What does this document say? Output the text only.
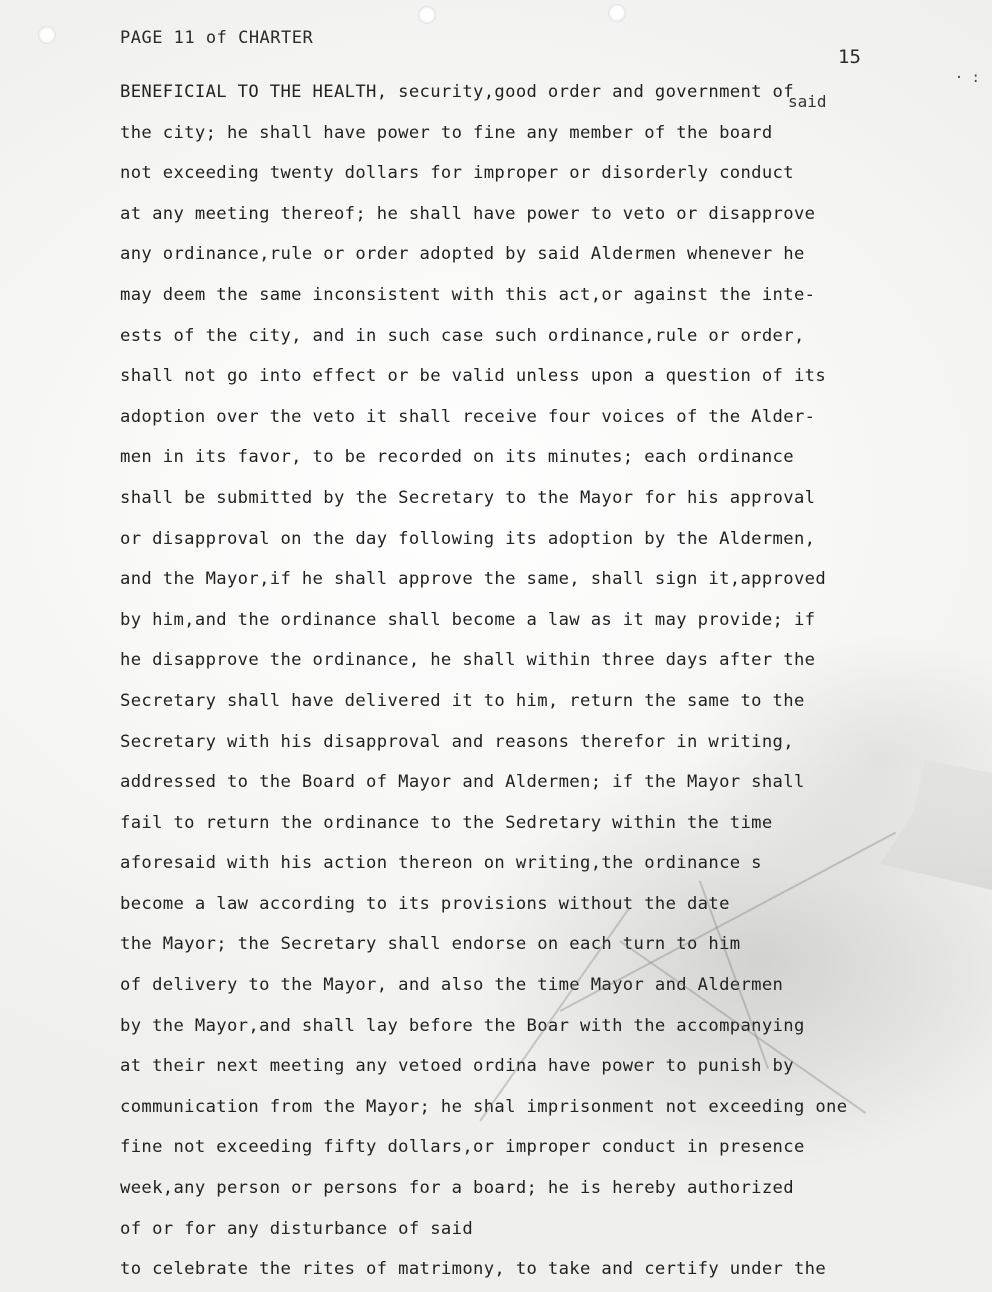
PAGE 11 of CHARTER
15
said
· :
BENEFICIAL TO THE HEALTH, security,good order and government of
the city; he shall have power to fine any member of the board
not exceeding twenty dollars for improper or disorderly conduct
at any meeting thereof; he shall have power to veto or disapprove
any ordinance,rule or order adopted by said Aldermen whenever he
may deem the same inconsistent with this act,or against the inte-
ests of the city, and in such case such ordinance,rule or order,
shall not go into effect or be valid unless upon a question of its
adoption over the veto it shall receive four voices of the Alder-
men in its favor, to be recorded on its minutes; each ordinance
shall be submitted by the Secretary to the Mayor for his approval
or disapproval on the day following its adoption by the Aldermen,
and the Mayor,if he shall approve the same, shall sign it,approved
by him,and the ordinance shall become a law as it may provide; if
he disapprove the ordinance, he shall within three days after the
Secretary shall have delivered it to him, return the same to the
Secretary with his disapproval and reasons therefor in writing,
addressed to the Board of Mayor and Aldermen; if the Mayor shall
fail to return the ordinance to the Sedretary within the time
aforesaid with his action thereon on writing,the ordinance s
become a law according to its provisions without the date
the Mayor; the Secretary shall endorse on each turn to him
of delivery to the Mayor, and also the time Mayor and Aldermen
by the Mayor,and shall lay before the Boar with the accompanying
at their next meeting any vetoed ordina have power to punish by
communication from the Mayor; he shal imprisonment not exceeding one
fine not exceeding fifty dollars,or improper conduct in presence
week,any person or persons for a board; he is hereby authorized
of or for any disturbance of said
to celebrate the rites of matrimony, to take and certify under the
